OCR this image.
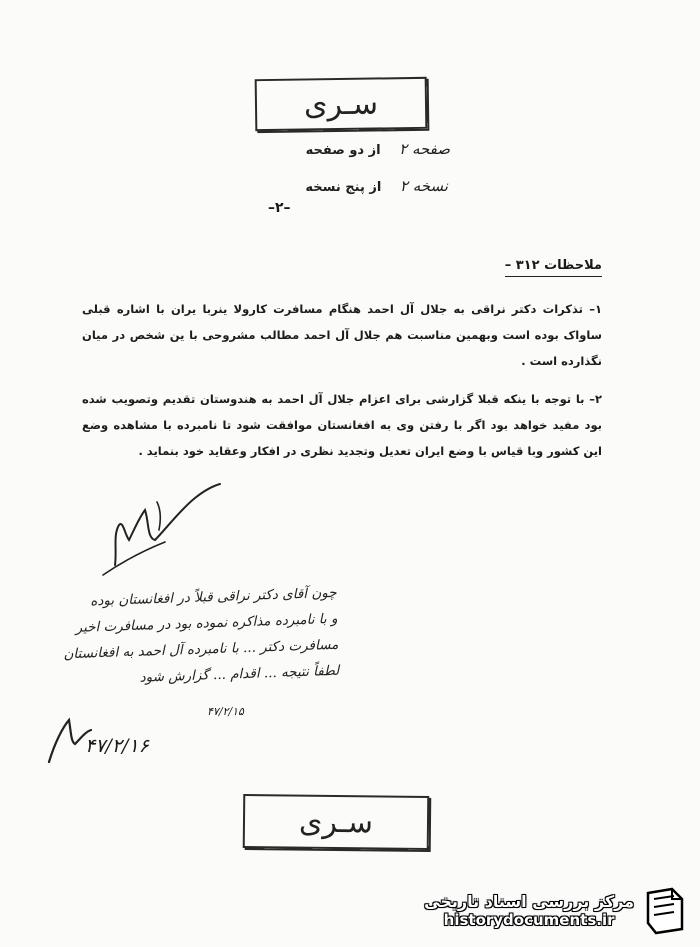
سـری
صفحه ۲ از دو صفحه
نسخه ۲ از پنج نسخه
–۲–
ملاحظات ۳۱۲ –
۱– تذکرات دکتر نراقی به جلال آل احمد هنگام مسافرت کارولا ینربا یران با اشاره قبلی ساواک بوده است وبهمین مناسبت هم جلال آل احمد مطالب مشروحی با ین شخص در میان نگذارده است .
۲– با توجه با ینکه قبلا گزارشی برای اعزام جلال آل احمد به هندوستان تقدیم وتصویب شده بود مفید خواهد بود اگر با رفتن وی به افغانستان موافقت شود تا نامبرده با مشاهده وضع این کشور وبا قیاس با وضع ایران تعدیل وتجدید نظری در افکار وعقاید خود بنماید .
چون آقای دکتر نراقی قبلاً در افغانستان بوده
و با نامبرده مذاکره نموده بود در مسافرت اخیر
مسافرت دکتر ... با نامبرده آل احمد به افغانستان
لطفاً نتیجه ... اقدام ... گزارش شود
۴۷/۲/۱۵
۴۷/۲/۱۶
سـری
مرکز بررسی اسناد تاریخی
historydocuments.ir
